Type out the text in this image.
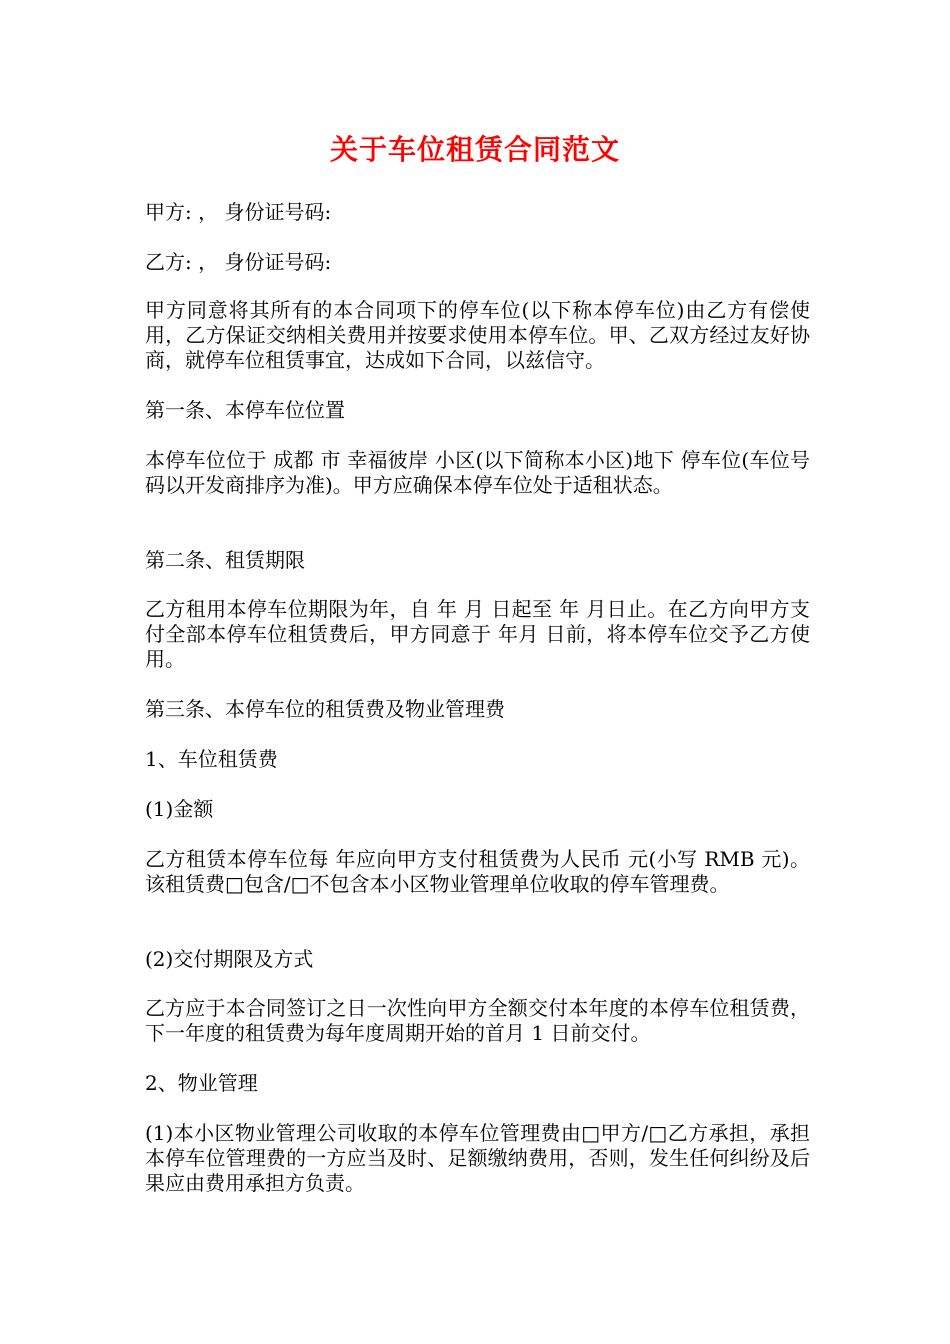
关于车位租赁合同范文

甲方: ， 身份证号码:

乙方: ， 身份证号码:

甲方同意将其所有的本合同项下的停车位(以下称本停车位)由乙方有偿使用，乙方保证交纳相关费用并按要求使用本停车位。甲、乙双方经过友好协商，就停车位租赁事宜，达成如下合同，以兹信守。

第一条、本停车位位置

本停车位位于 成都 市 幸福彼岸 小区(以下简称本小区)地下 停车位(车位号码以开发商排序为准)。甲方应确保本停车位处于适租状态。

第二条、租赁期限

乙方租用本停车位期限为年，自 年 月 日起至 年 月日止。在乙方向甲方支付全部本停车位租赁费后，甲方同意于 年月 日前，将本停车位交予乙方使用。

第三条、本停车位的租赁费及物业管理费

1、车位租赁费

(1)金额

乙方租赁本停车位每 年应向甲方支付租赁费为人民币 元(小写 RMB 元)。该租赁费□包含/□不包含本小区物业管理单位收取的停车管理费。

(2)交付期限及方式

乙方应于本合同签订之日一次性向甲方全额交付本年度的本停车位租赁费，下一年度的租赁费为每年度周期开始的首月 1 日前交付。

2、物业管理

(1)本小区物业管理公司收取的本停车位管理费由□甲方/□乙方承担，承担本停车位管理费的一方应当及时、足额缴纳费用，否则，发生任何纠纷及后果应由费用承担方负责。
